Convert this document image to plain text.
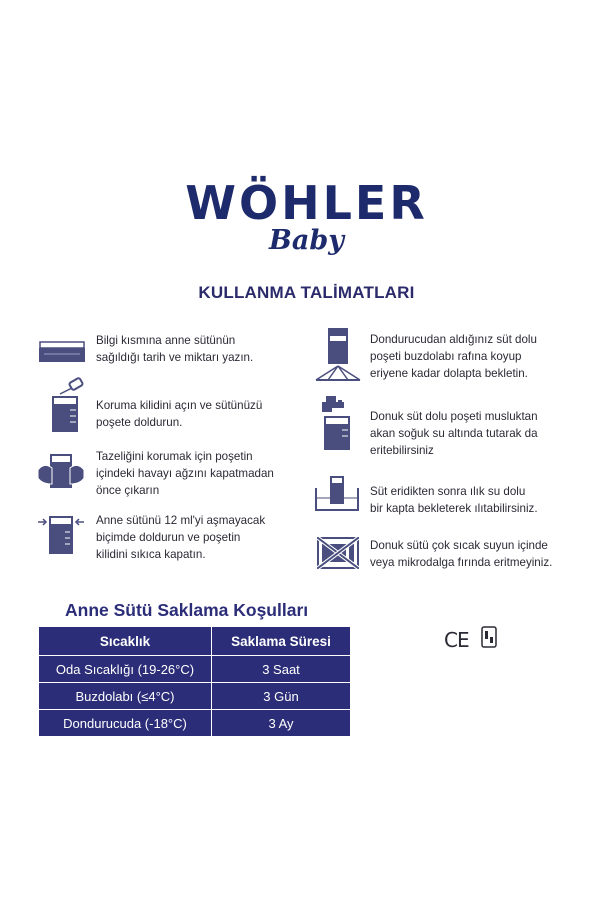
WÖHLER
Baby
KULLANMA TALİMATLARI
Bilgi kısmına anne sütünün
sağıldığı tarih ve miktarı yazın.
Koruma kilidini açın ve sütünüzü
poşete doldurun.
Tazeliğini korumak için poşetin
içindeki havayı ağzını kapatmadan
önce çıkarın
Anne sütünü 12 ml'yi aşmayacak
biçimde doldurun ve poşetin
kilidini sıkıca kapatın.
Dondurucudan aldığınız süt dolu
poşeti buzdolabı rafına koyup
eriyene kadar dolapta bekletin.
Donuk süt dolu poşeti musluktan
akan soğuk su altında tutarak da
eritebilirsiniz
Süt eridikten sonra ılık su dolu
bir kapta bekleterek ılıtabilirsiniz.
Donuk sütü çok sıcak suyun içinde
veya mikrodalga fırında eritmeyiniz.
Anne Sütü Saklama Koşulları
Sıcaklık	Saklama Süresi
Oda Sıcaklığı (19-26°C)	3 Saat
Buzdolabı (≤4°C)	3 Gün
Dondurucuda (-18°C)	3 Ay
CE
